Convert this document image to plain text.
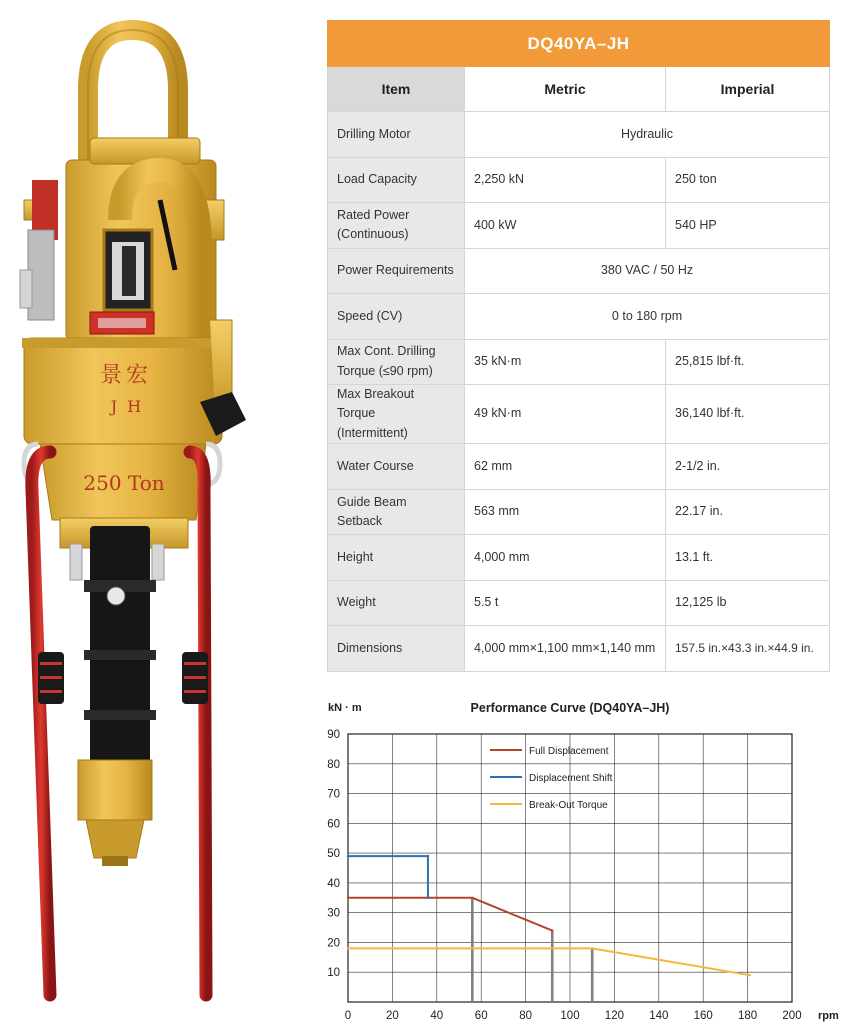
景宏
J  H
250 Ton
DQ40YA–JH		
Item	Metric	Imperial
Drilling Motor	Hydraulic	
Load Capacity	2,250 kN	250 ton
Rated Power
(Continuous)	400 kW	540 HP
Power Requirements	380 VAC / 50 Hz	
Speed (CV)	0 to 180 rpm	
Max Cont. Drilling
Torque (≤90 rpm)	35 kN·m	25,815 lbf·ft.
Max Breakout Torque
(Intermittent)	49 kN·m	36,140 lbf·ft.
Water Course	62 mm	2-1/2 in.
Guide Beam Setback	563 mm	22.17 in.
Height	4,000 mm	13.1 ft.
Weight	5.5 t	12,125 lb
Dimensions	4,000 mm×1,100 mm×1,140 mm	157.5 in.×43.3 in.×44.9 in.
kN · m	Performance Curve (DQ40YA–JH)
0	20	40	60	80 100 120 140 160 180 200
10
20
30
40
50
60
70
80
90
Full Displacement
Displacement Shift
Break-Out Torque
rpm
